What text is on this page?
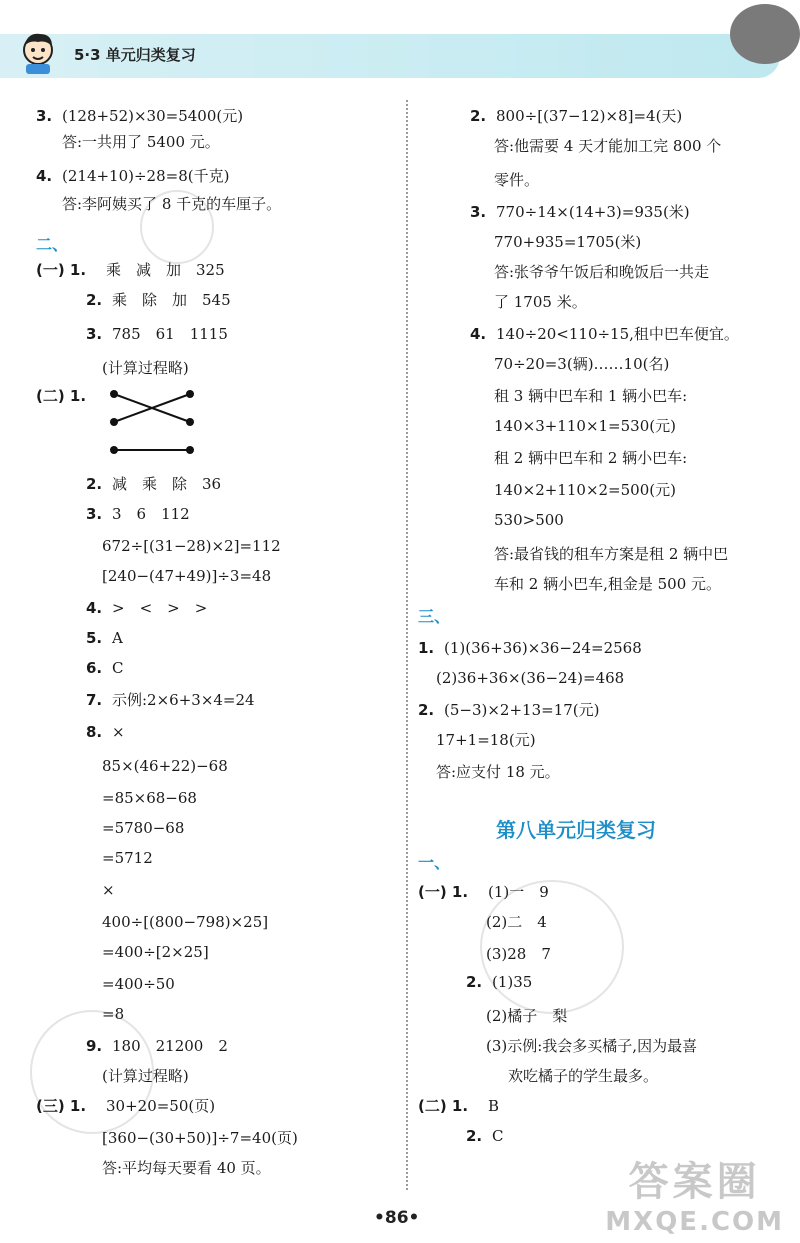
5·3 单元归类复习
二、
三、
第八单元归类复习
一、
•86•
答案圈
MXQE.COM
3. (128+52)×30=5400(元)
答:一共用了 5400 元。
4. (214+10)÷28=8(千克)
答:李阿姨买了 8 千克的车厘子。
(一) 1. 乘　减　加　325
2. 乘　除　加　545
3. 785　61　1115
(计算过程略)
(二) 1.
2. 减　乘　除　36
3. 3　6　112
672÷[(31−28)×2]=112
[240−(47+49)]÷3=48
4. >　<　>　>
5. A
6. C
7. 示例:2×6+3×4=24
8. ×
85×(46+22)−68
=85×68−68
=5780−68
=5712
×
400÷[(800−798)×25]
=400÷[2×25]
=400÷50
=8
9. 180　21200　2
(计算过程略)
(三) 1. 30+20=50(页)
[360−(30+50)]÷7=40(页)
答:平均每天要看 40 页。
2. 800÷[(37−12)×8]=4(天)
答:他需要 4 天才能加工完 800 个
零件。
3. 770÷14×(14+3)=935(米)
770+935=1705(米)
答:张爷爷午饭后和晚饭后一共走
了 1705 米。
4. 140÷20<110÷15,租中巴车便宜。
70÷20=3(辆)……10(名)
租 3 辆中巴车和 1 辆小巴车:
140×3+110×1=530(元)
租 2 辆中巴车和 2 辆小巴车:
140×2+110×2=500(元)
530>500
答:最省钱的租车方案是租 2 辆中巴
车和 2 辆小巴车,租金是 500 元。
1. (1)(36+36)×36−24=2568
(2)36+36×(36−24)=468
2. (5−3)×2+13=17(元)
17+1=18(元)
答:应支付 18 元。
(一) 1. (1)一　9
(2)二　4
(3)28　7
2. (1)35
(2)橘子　梨
(3)示例:我会多买橘子,因为最喜
欢吃橘子的学生最多。
(二) 1. B
2. C
